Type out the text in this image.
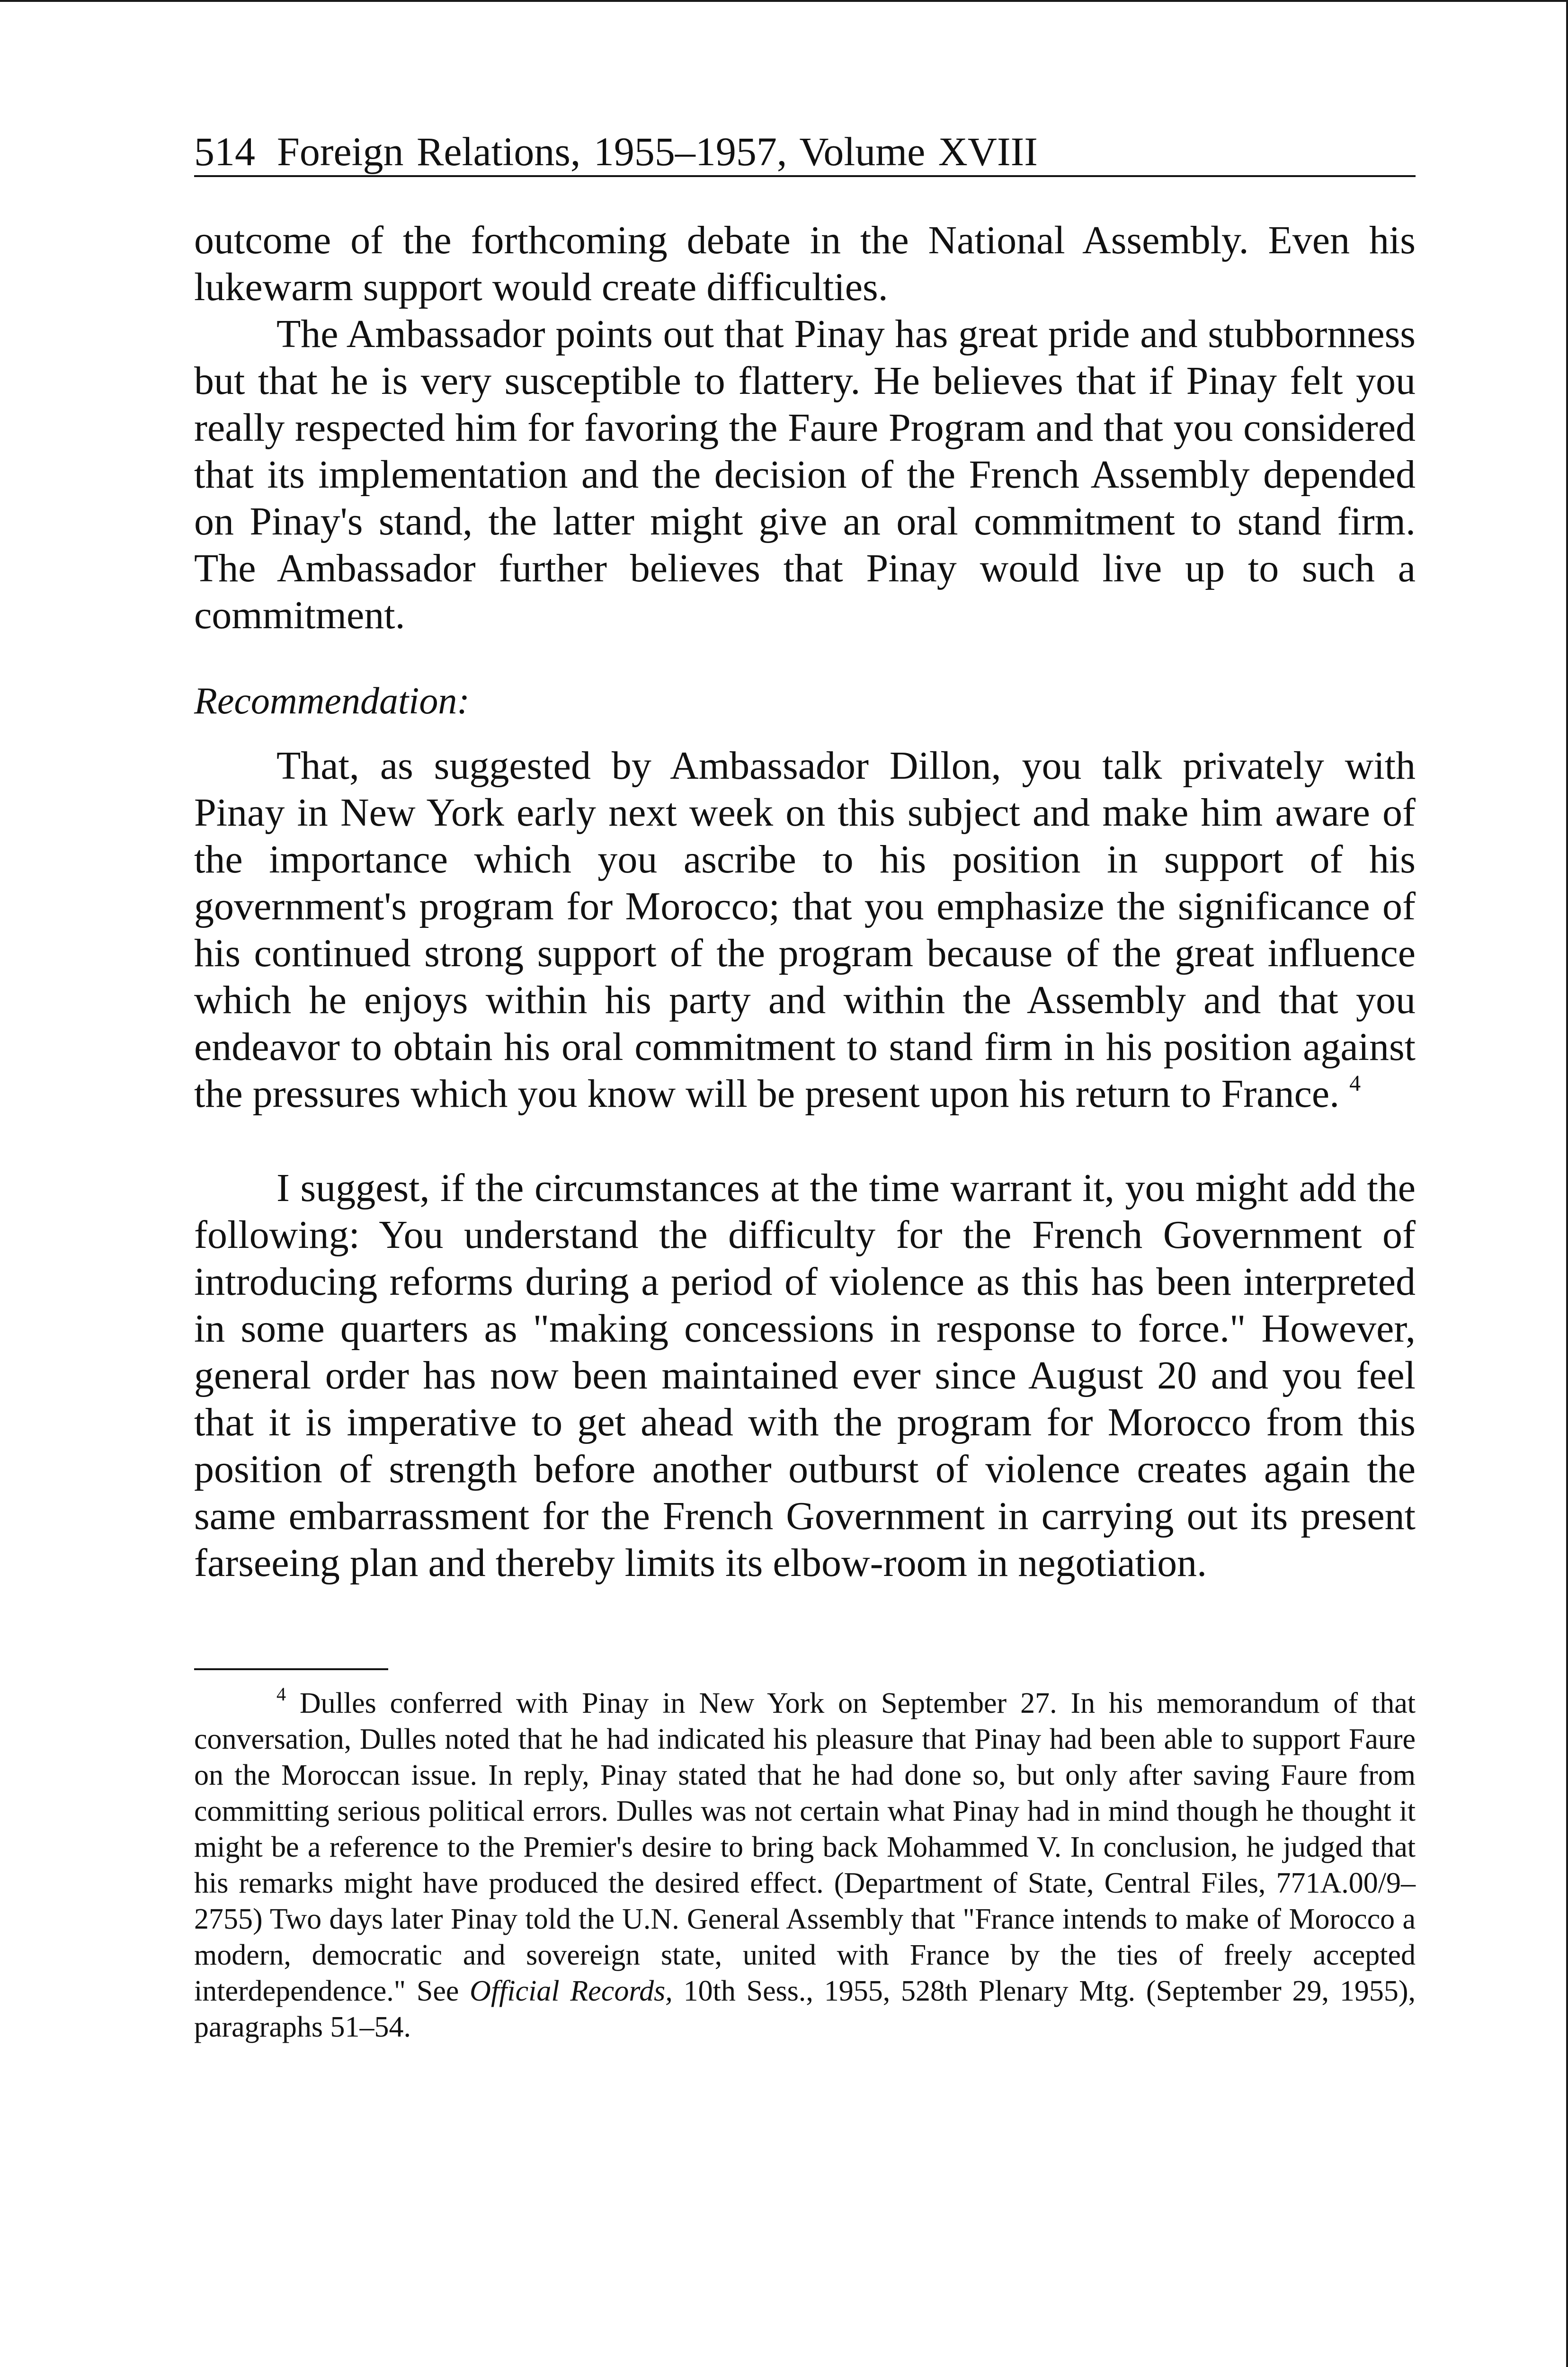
514 Foreign Relations, 1955–1957, Volume XVIII

outcome of the forthcoming debate in the National Assembly. Even his lukewarm support would create difficulties.

The Ambassador points out that Pinay has great pride and stubbornness but that he is very susceptible to flattery. He believes that if Pinay felt you really respected him for favoring the Faure Program and that you considered that its implementation and the decision of the French Assembly depended on Pinay's stand, the latter might give an oral commitment to stand firm. The Ambassador further believes that Pinay would live up to such a commitment.

Recommendation:

That, as suggested by Ambassador Dillon, you talk privately with Pinay in New York early next week on this subject and make him aware of the importance which you ascribe to his position in support of his government's program for Morocco; that you emphasize the significance of his continued strong support of the program because of the great influence which he enjoys within his party and within the Assembly and that you endeavor to obtain his oral commitment to stand firm in his position against the pressures which you know will be present upon his return to France. $^4$

I suggest, if the circumstances at the time warrant it, you might add the following: You understand the difficulty for the French Government of introducing reforms during a period of violence as this has been interpreted in some quarters as "making concessions in response to force." However, general order has now been maintained ever since August 20 and you feel that it is imperative to get ahead with the program for Morocco from this position of strength before another outburst of violence creates again the same embarrassment for the French Government in carrying out its present farseeing plan and thereby limits its elbow-room in negotiation.

$^4$ Dulles conferred with Pinay in New York on September 27. In his memorandum of that conversation, Dulles noted that he had indicated his pleasure that Pinay had been able to support Faure on the Moroccan issue. In reply, Pinay stated that he had done so, but only after saving Faure from committing serious political errors. Dulles was not certain what Pinay had in mind though he thought it might be a reference to the Premier's desire to bring back Mohammed V. In conclusion, he judged that his remarks might have produced the desired effect. (Department of State, Central Files, 771A.00/9–2755) Two days later Pinay told the U.N. General Assembly that "France intends to make of Morocco a modern, democratic and sovereign state, united with France by the ties of freely accepted interdependence." See Official Records, 10th Sess., 1955, 528th Plenary Mtg. (September 29, 1955), paragraphs 51–54.
